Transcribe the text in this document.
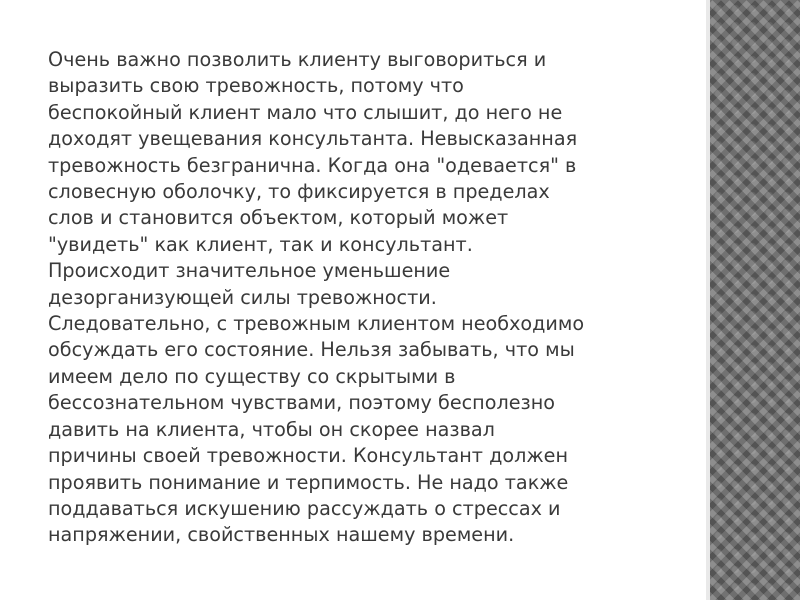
Очень важно позволить клиенту выговориться и
выразить свою тревожность, потому что
беспокойный клиент мало что слышит, до него не
доходят увещевания консультанта. Невысказанная
тревожность безгранична. Когда она "одевается" в
словесную оболочку, то фиксируется в пределах
слов и становится объектом, который может
"увидеть" как клиент, так и консультант.
Происходит значительное уменьшение
дезорганизующей силы тревожности.
Следовательно, с тревожным клиентом необходимо
обсуждать его состояние. Нельзя забывать, что мы
имеем дело по существу со скрытыми в
бессознательном чувствами, поэтому бесполезно
давить на клиента, чтобы он скорее назвал
причины своей тревожности. Консультант должен
проявить понимание и терпимость. Не надо также
поддаваться искушению рассуждать о стрессах и
напряжении, свойственных нашему времени.
